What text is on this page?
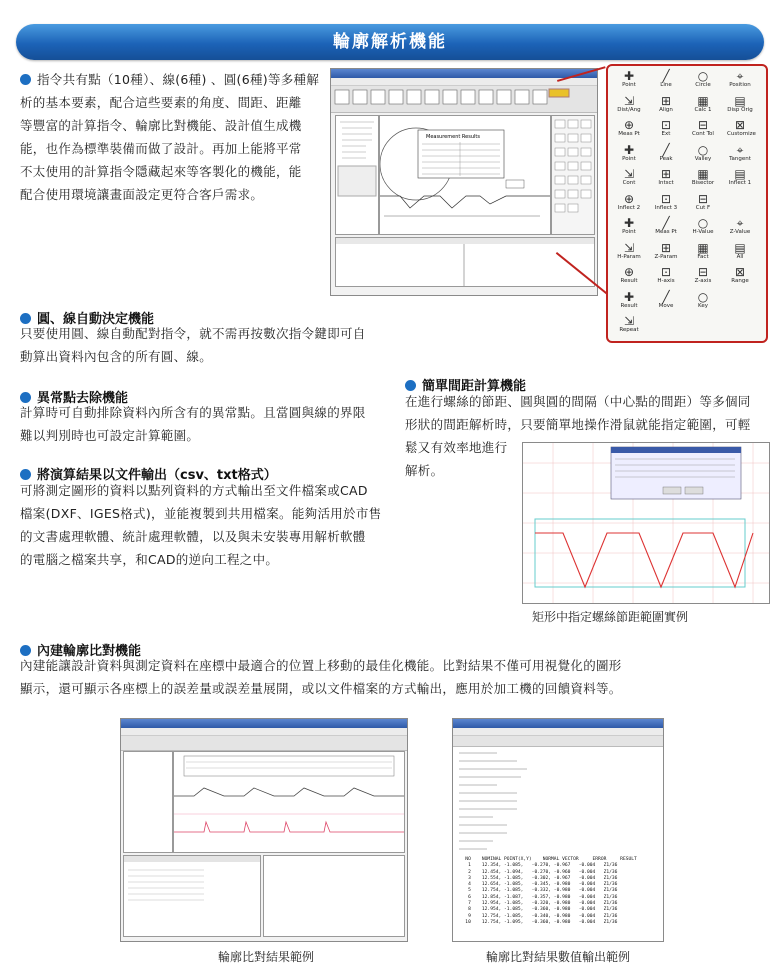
輪廓解析機能
指令共有點（10種）、線(6種) 、圓(6種)等多種解
析的基本要素，配合這些要素的角度、間距、距離
等豐富的計算指令、輪廓比對機能、設計值生成機
能，也作為標準裝備而做了設計。再加上能將平常
不太使用的計算指令隱藏起來等客製化的機能，能
配合使用環境讓畫面設定更符合客戶需求。
Measurement Results
✚
Point
╱
Line
○
Circle
⌖
Position
⇲
Dist/Ang
⊞
Align
▦
Calc 1
▤
Disp Orig
⊕
Meas Pt
⊡
Ext
⊟
Cont Tol
⊠
Customize
✚
Point
╱
Peak
○
Valley
⌖
Tangent
⇲
Cont
⊞
Intsct
▦
Bisector
▤
Inflect 1
⊕
Inflect 2
⊡
Inflect 3
⊟
Cut F
✚
Point
╱
Meas Pt
○
H-Value
⌖
Z-Value
⇲
H-Param
⊞
Z-Param
▦
Fact
▤
All
⊕
Result
⊡
H-axis
⊟
Z-axis
⊠
Range
✚
Result
╱
Move
○
Key
⇲
Repeat
圓、線自動決定機能
只要使用圓、線自動配對指令，就不需再按數次指令鍵即可自
動算出資料內包含的所有圓、線。
異常點去除機能
計算時可自動排除資料內所含有的異常點。且當圓與線的界限
難以判別時也可設定計算範圍。
將演算結果以文件輸出（csv、txt格式）
可將測定圖形的資料以點列資料的方式輸出至文件檔案或CAD
檔案(DXF、IGES格式)，並能複製到共用檔案。能夠活用於市售
的文書處理軟體、統計處理軟體，以及與未安裝專用解析軟體
的電腦之檔案共享，和CAD的逆向工程之中。
簡單間距計算機能
在進行螺絲的節距、圓與圓的間隔（中心點的間距）等多個同
形狀的間距解析時，只要簡單地操作滑鼠就能指定範圍，可輕
鬆又有效率地進行
解析。
矩形中指定螺絲節距範圍實例
內建輪廓比對機能
內建能讓設計資料與測定資料在座標中最適合的位置上移動的最佳化機能。比對結果不僅可用視覺化的圖形
顯示，還可顯示各座標上的誤差量或誤差量展開，或以文件檔案的方式輸出，應用於加工機的回饋資料等。
輪廓比對結果範例
NO    NOMINAL POINT(X,Y)    NORMAL VECTOR     ERROR     RESULT
1    12.354, -1.085,   -0.270, -0.967   -0.004   Z1/36
2    12.454, -1.094,   -0.270, -0.960   -0.004   Z1/36
3    12.554, -1.085,   -0.302, -0.967   -0.004   Z1/36
4    12.654, -1.085,   -0.345, -0.980   -0.004   Z1/36
5    12.754, -1.085,   -0.332, -0.980   -0.004   Z1/36
6    12.854, -1.087,   -0.357, -0.980   -0.004   Z1/36
7    12.954, -1.085,   -0.320, -0.980   -0.004   Z1/36
8    12.954, -1.085,   -0.360, -0.980   -0.004   Z1/36
9    12.754, -1.085,   -0.340, -0.980   -0.004   Z1/36
10    12.754, -1.095,   -0.360, -0.980   -0.004   Z1/36
輪廓比對結果數值輸出範例
